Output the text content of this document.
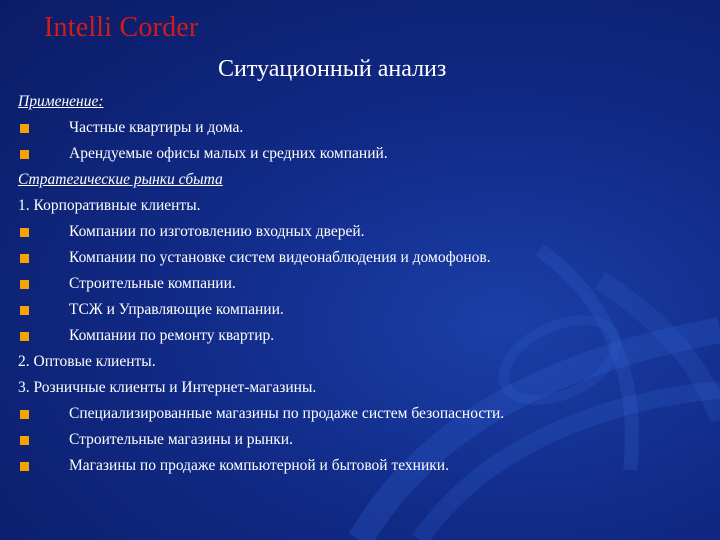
Intelli Corder
Ситуационный анализ
Применение:
Частные квартиры и дома.
Арендуемые офисы малых и средних компаний.
Стратегические рынки сбыта
1. Корпоративные клиенты.
Компании по изготовлению входных дверей.
Компании по установке систем видеонаблюдения и домофонов.
Строительные компании.
ТСЖ и Управляющие компании.
Компании по ремонту квартир.
2. Оптовые клиенты.
3. Розничные клиенты и Интернет-магазины.
Специализированные магазины по продаже систем безопасности.
Строительные магазины и рынки.
Магазины по продаже компьютерной и бытовой техники.
